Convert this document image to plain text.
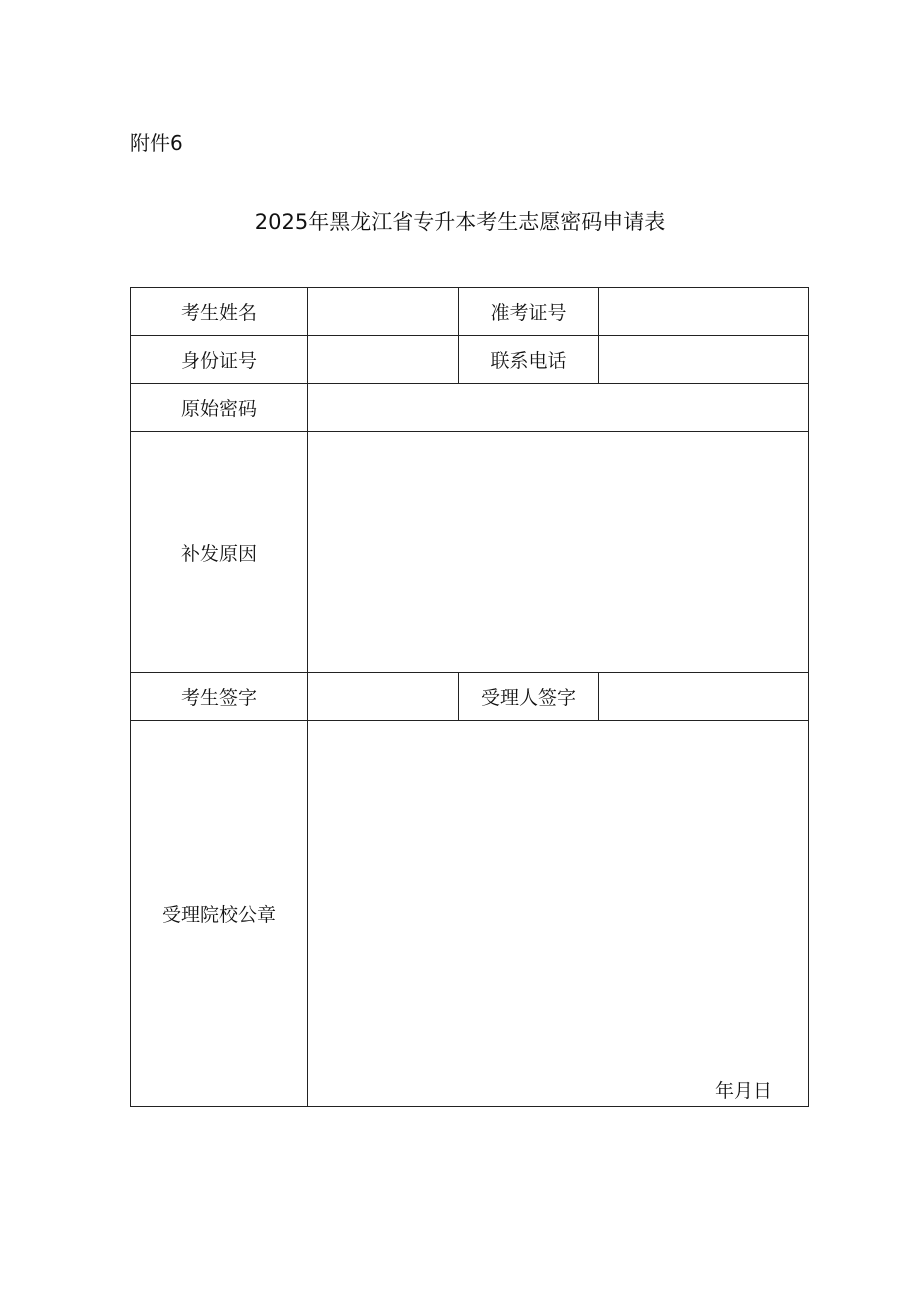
附件6
2025年黑龙江省专升本考生志愿密码申请表
考生姓名		准考证号	
身份证号		联系电话	
原始密码			
补发原因			
考生签字		受理人签字	
受理院校公章	年月日		
